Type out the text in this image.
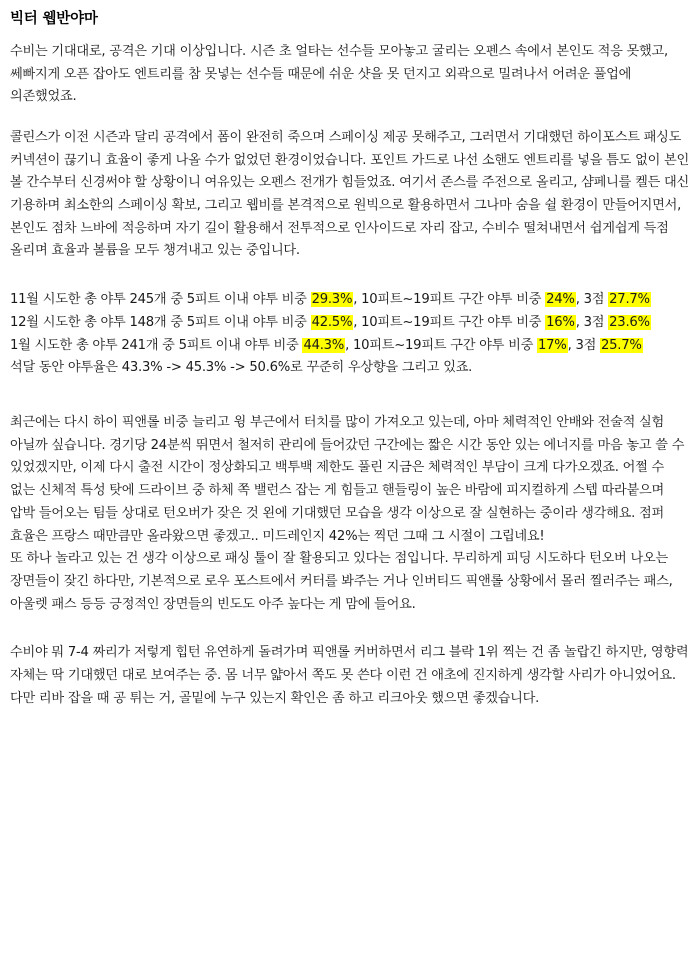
빅터 웹반야마

수비는 기대대로, 공격은 기대 이상입니다. 시즌 초 얼타는 선수들 모아놓고 굴리는 오펜스 속에서 본인도 적응 못했고, 쎄빠지게 오픈 잡아도 엔트리를 참 못넣는 선수들 때문에 쉬운 샷을 못 던지고 외곽으로 밀려나서 어려운 풀업에 의존했었죠.

콜린스가 이전 시즌과 달리 공격에서 폼이 완전히 죽으며 스페이싱 제공 못해주고, 그러면서 기대했던 하이포스트 패싱도 커넥션이 끊기니 효율이 좋게 나올 수가 없었던 환경이었습니다. 포인트 가드로 나선 소핸도 엔트리를 넣을 틈도 없이 본인 볼 간수부터 신경써야 할 상황이니 여유있는 오펜스 전개가 힘들었죠. 여기서 존스를 주전으로 올리고, 샴페니를 켈든 대신 기용하며 최소한의 스페이싱 확보, 그리고 웹비를 본격적으로 원빅으로 활용하면서 그나마 숨을 쉴 환경이 만들어지면서, 본인도 점차 느바에 적응하며 자기 길이 활용해서 전투적으로 인사이드로 자리 잡고, 수비수 떨쳐내면서 쉽게쉽게 득점 올리며 효율과 볼륨을 모두 챙겨내고 있는 중입니다.

11월 시도한 총 야투 245개 중 5피트 이내 야투 비중 29.3%, 10피트~19피트 구간 야투 비중 24%, 3점 27.7%
12월 시도한 총 야투 148개 중 5피트 이내 야투 비중 42.5%, 10피트~19피트 구간 야투 비중 16%, 3점 23.6%
1월 시도한 총 야투 241개 중 5피트 이내 야투 비중 44.3%, 10피트~19피트 구간 야투 비중 17%, 3점 25.7%
석달 동안 야투율은 43.3% -> 45.3% -> 50.6%로 꾸준히 우상향을 그리고 있죠.

최근에는 다시 하이 픽앤롤 비중 늘리고 윙 부근에서 터치를 많이 가져오고 있는데, 아마 체력적인 안배와 전술적 실험 아닐까 싶습니다. 경기당 24분씩 뛰면서 철저히 관리에 들어갔던 구간에는 짧은 시간 동안 있는 에너지를 마음 놓고 쓸 수 있었겠지만, 이제 다시 출전 시간이 정상화되고 백투백 제한도 풀린 지금은 체력적인 부담이 크게 다가오겠죠. 어쩔 수 없는 신체적 특성 탓에 드라이브 중 하체 쪽 밸런스 잡는 게 힘들고 핸들링이 높은 바람에 피지컬하게 스텝 따라붙으며 압박 들어오는 팀들 상대로 턴오버가 잦은 것 왼에 기대했던 모습을 생각 이상으로 잘 실현하는 중이라 생각해요. 점퍼 효율은 프랑스 때만큼만 올라왔으면 좋겠고.. 미드레인지 42%는 찍던 그때 그 시절이 그립네요!

또 하나 놀라고 있는 건 생각 이상으로 패싱 툴이 잘 활용되고 있다는 점입니다. 무리하게 피딩 시도하다 턴오버 나오는 장면들이 잦긴 하다만, 기본적으로 로우 포스트에서 커터를 봐주는 거나 인버티드 픽앤롤 상황에서 몰러 찔러주는 패스, 아울렛 패스 등등 긍정적인 장면들의 빈도도 아주 높다는 게 맘에 들어요.

수비야 뭐 7-4 짜리가 저렇게 힙턴 유연하게 돌려가며 픽앤롤 커버하면서 리그 블락 1위 찍는 건 좀 놀랍긴 하지만, 영향력 자체는 딱 기대했던 대로 보여주는 중. 몸 너무 얇아서 쪽도 못 쓴다 이런 건 애초에 진지하게 생각할 사리가 아니었어요. 다만 리바 잡을 때 공 튀는 거, 골밑에 누구 있는지 확인은 좀 하고 리크아웃 했으면 좋겠습니다.
